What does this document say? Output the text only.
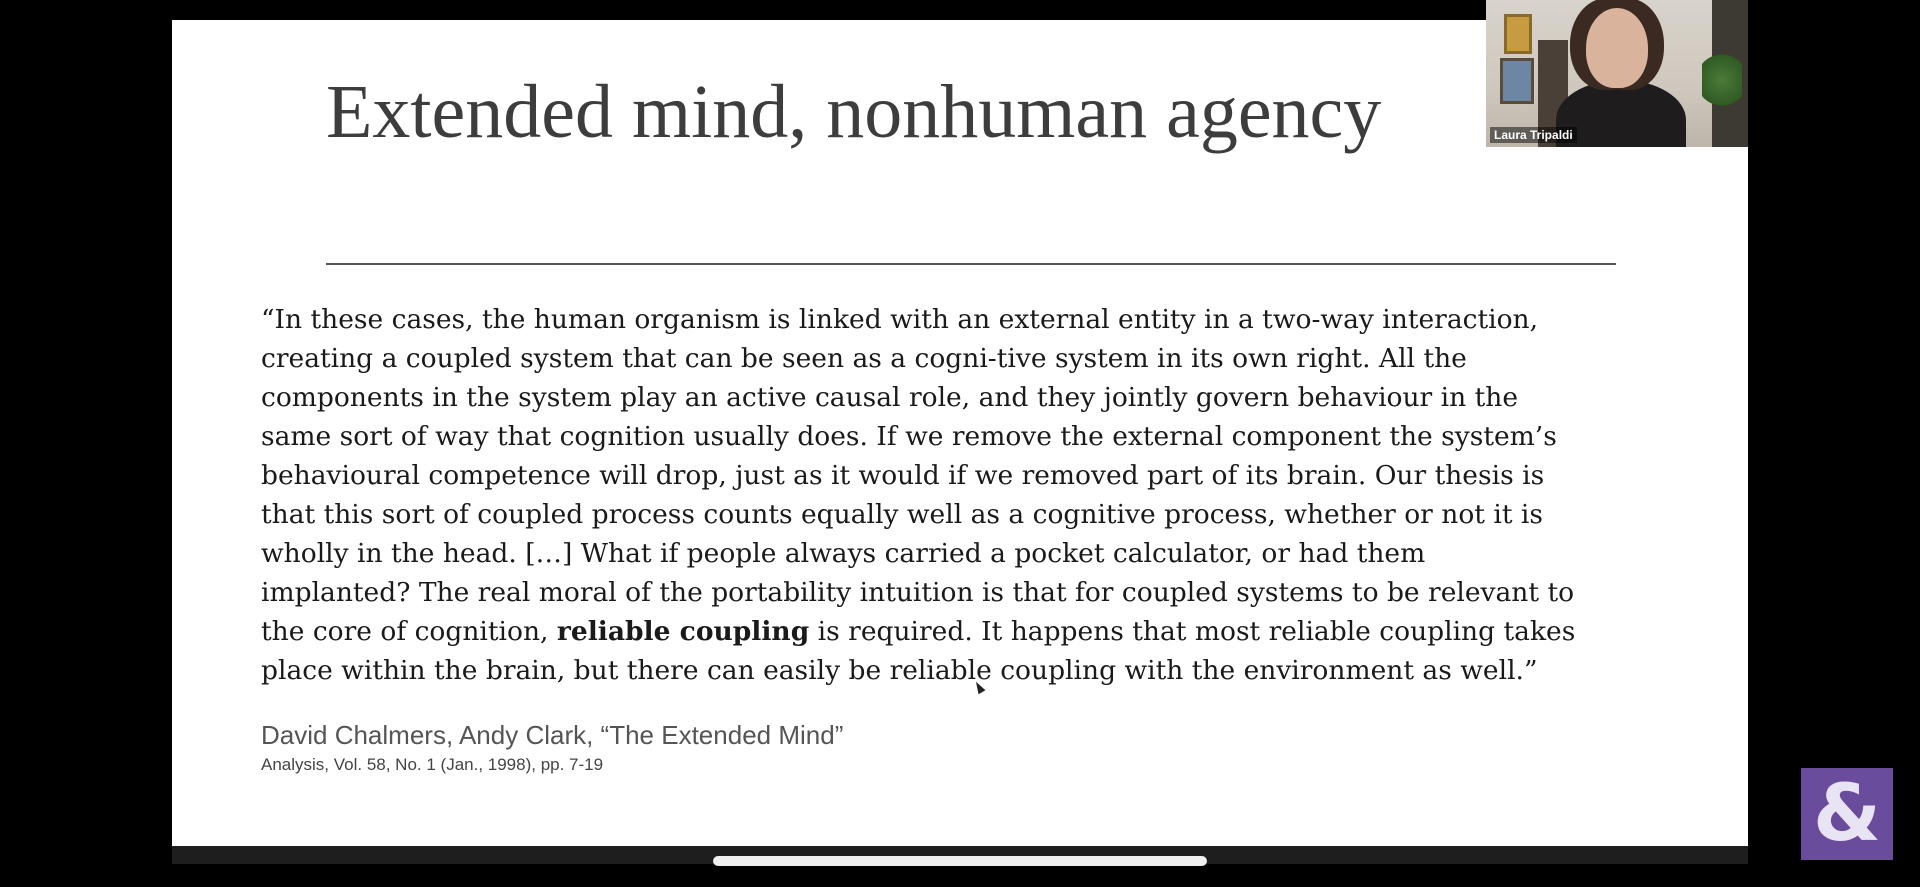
Extended mind, nonhuman agency

“In these cases, the human organism is linked with an external entity in a two-way interaction,
creating a coupled system that can be seen as a cogni-tive system in its own right. All the
components in the system play an active causal role, and they jointly govern behaviour in the
same sort of way that cognition usually does. If we remove the external component the system’s
behavioural competence will drop, just as it would if we removed part of its brain. Our thesis is
that this sort of coupled process counts equally well as a cognitive process, whether or not it is
wholly in the head. […] What if people always carried a pocket calculator, or had them
implanted? The real moral of the portability intuition is that for coupled systems to be relevant to
the core of cognition, reliable coupling is required. It happens that most reliable coupling takes
place within the brain, but there can easily be reliable coupling with the environment as well.”

David Chalmers, Andy Clark, “The Extended Mind”
Analysis, Vol. 58, No. 1 (Jan., 1998), pp. 7-19
Laura Tripaldi
&
